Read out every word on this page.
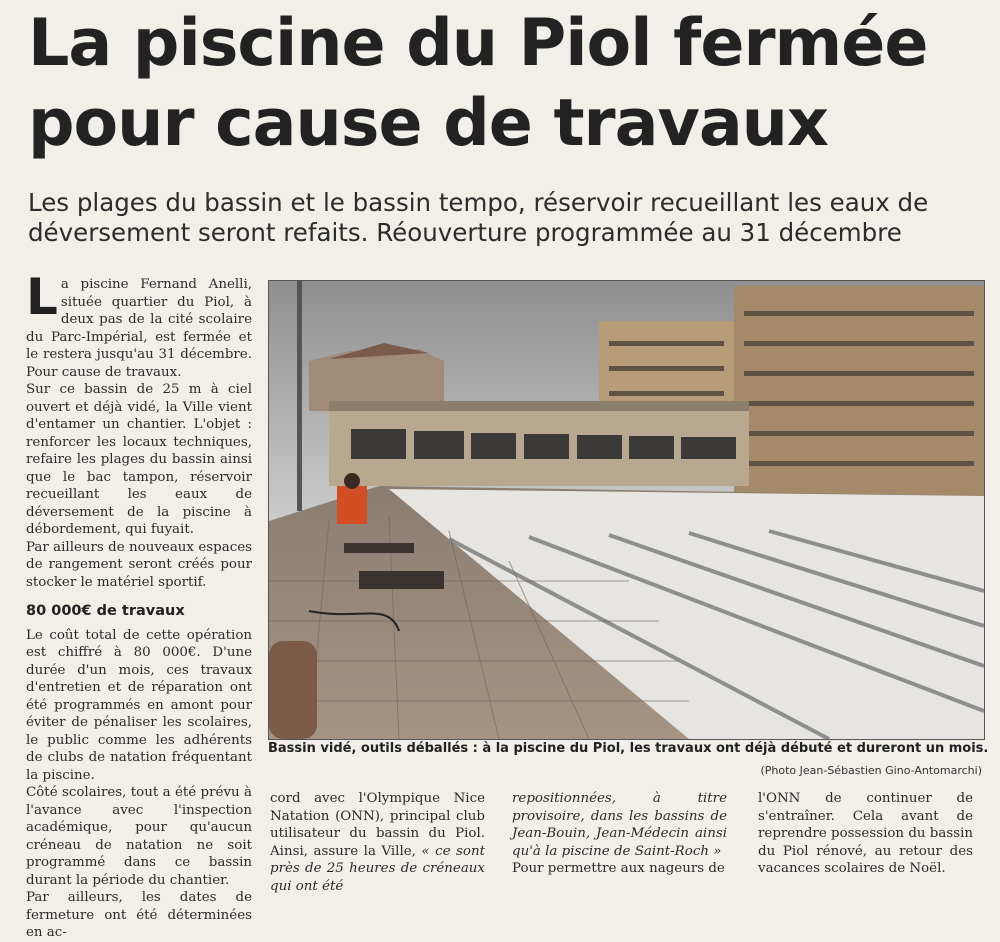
La piscine du Piol fermée
pour cause de travaux
Les plages du bassin et le bassin tempo, réservoir recueillant les eaux de
déversement seront refaits. Réouverture programmée au 31 décembre

La piscine Fernand Anelli, située quartier du Piol, à deux pas de la cité scolaire du Parc-Impérial, est fermée et le restera jusqu'au 31 décembre. Pour cause de travaux.

Sur ce bassin de 25 m à ciel ouvert et déjà vidé, la Ville vient d'entamer un chantier. L'objet : renforcer les locaux techniques, refaire les plages du bassin ainsi que le bac tampon, réservoir recueillant les eaux de déversement de la piscine à débordement, qui fuyait.

Par ailleurs de nouveaux espaces de rangement seront créés pour stocker le matériel sportif.

80 000€ de travaux

Le coût total de cette opération est chiffré à 80 000€. D'une durée d'un mois, ces travaux d'entretien et de réparation ont été programmés en amont pour éviter de pénaliser les scolaires, le public comme les adhérents de clubs de natation fréquentant la piscine.

Côté scolaires, tout a été prévu à l'avance avec l'inspection académique, pour qu'aucun créneau de natation ne soit programmé dans ce bassin durant la période du chantier.

Par ailleurs, les dates de fermeture ont été déterminées en ac-

Bassin vidé, outils déballés : à la piscine du Piol, les travaux ont déjà débuté et dureront un mois.
(Photo Jean-Sébastien Gino-Antomarchi)

cord avec l'Olympique Nice Natation (ONN), principal club utilisateur du bassin du Piol. Ainsi, assure la Ville, « ce sont près de 25 heures de créneaux qui ont été

repositionnées, à titre provisoire, dans les bassins de Jean-Bouin, Jean-Médecin ainsi qu'à la piscine de Saint-Roch »

Pour permettre aux nageurs de

l'ONN de continuer de s'entraîner. Cela avant de reprendre possession du bassin du Piol rénové, au retour des vacances scolaires de Noël.
